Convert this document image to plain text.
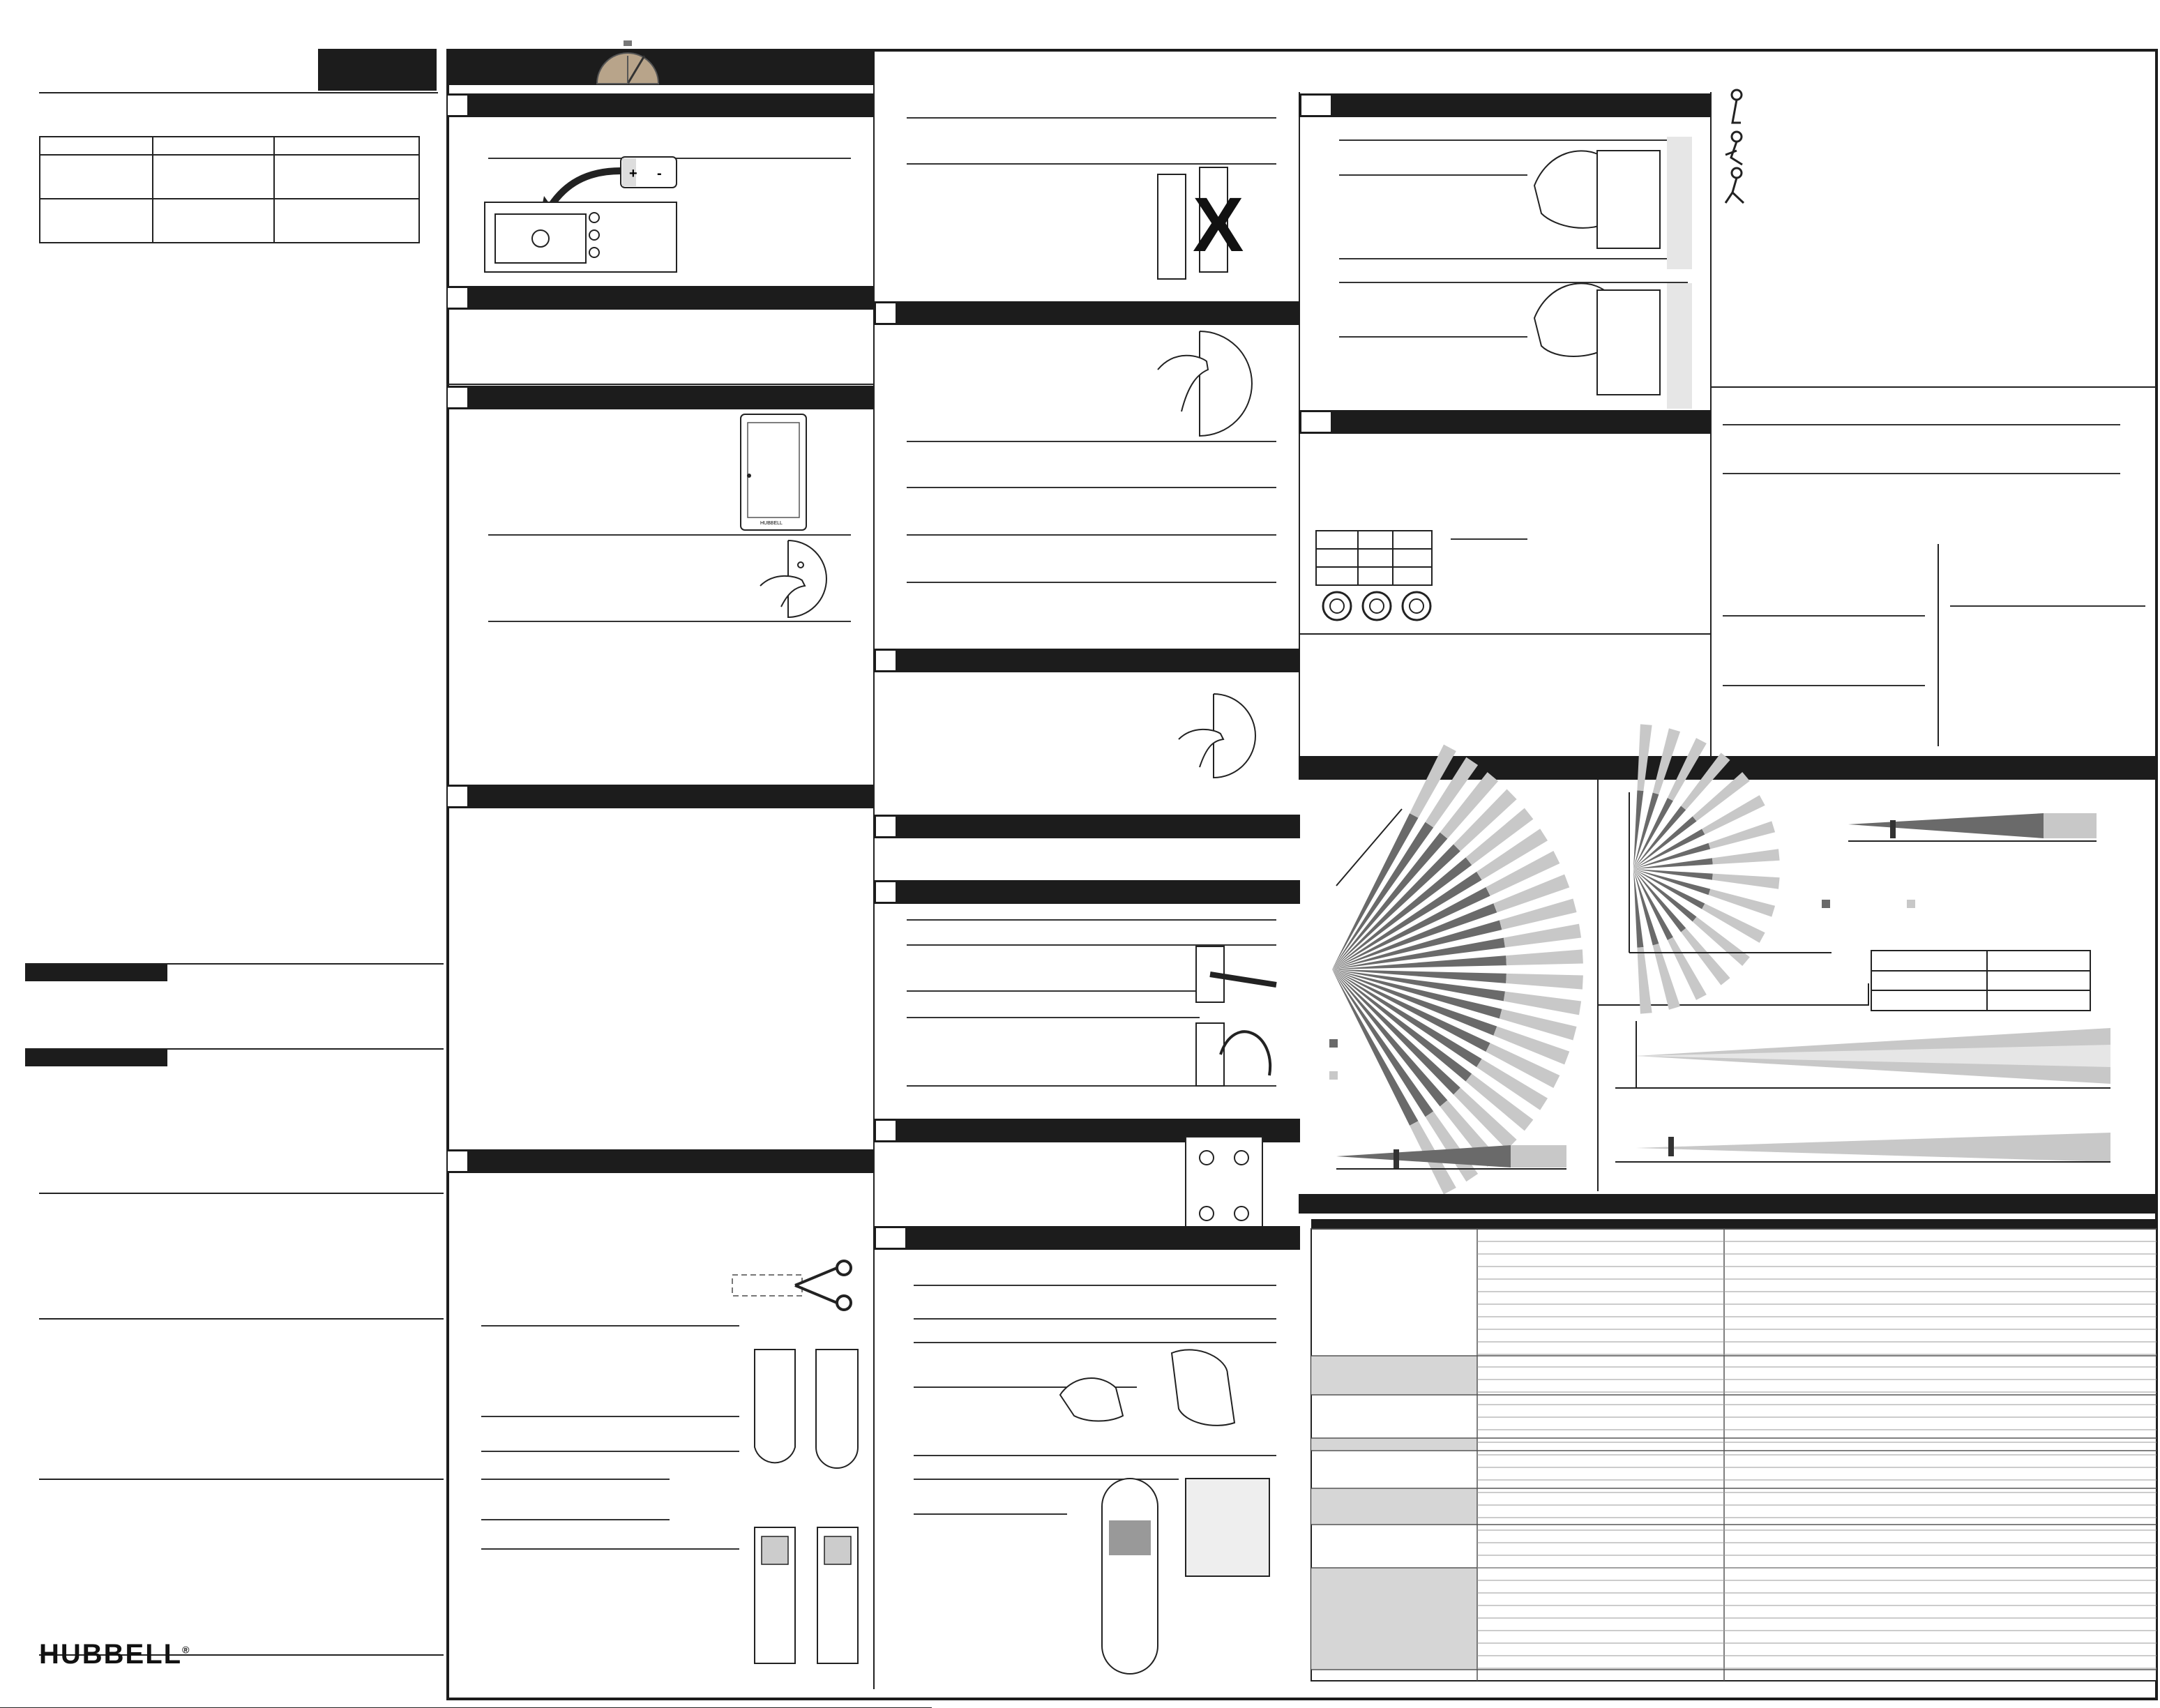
HUBBELL®
+ -
HUBBELL
X
